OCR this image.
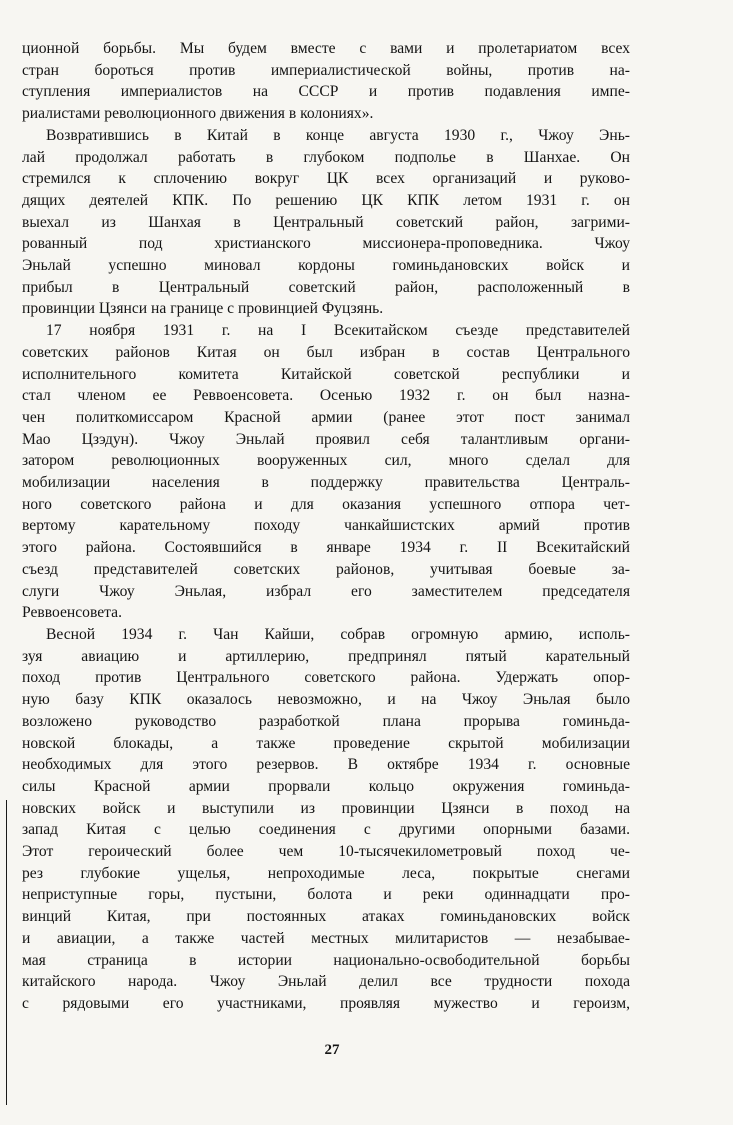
ционной борьбы. Мы будем вместе с вами и пролетариатом всех
стран бороться против империалистической войны, против на-
ступления империалистов на СССР и против подавления импе-
риалистами революционного движения в колониях».
Возвратившись в Китай в конце августа 1930 г., Чжоу Энь-
лай продолжал работать в глубоком подполье в Шанхае. Он
стремился к сплочению вокруг ЦК всех организаций и руково-
дящих деятелей КПК. По решению ЦК КПК летом 1931 г. он
выехал из Шанхая в Центральный советский район, загрими-
рованный под христианского миссионера-проповедника. Чжоу
Эньлай успешно миновал кордоны гоминьдановских войск и
прибыл в Центральный советский район, расположенный в
провинции Цзянси на границе с провинцией Фуцзянь.
17 ноября 1931 г. на I Всекитайском съезде представителей
советских районов Китая он был избран в состав Центрального
исполнительного комитета Китайской советской республики и
стал членом ее Реввоенсовета. Осенью 1932 г. он был назна-
чен политкомиссаром Красной армии (ранее этот пост занимал
Мао Цзэдун). Чжоу Эньлай проявил себя талантливым органи-
затором революционных вооруженных сил, много сделал для
мобилизации населения в поддержку правительства Централь-
ного советского района и для оказания успешного отпора чет-
вертому карательному походу чанкайшистских армий против
этого района. Состоявшийся в январе 1934 г. II Всекитайский
съезд представителей советских районов, учитывая боевые за-
слуги Чжоу Эньлая, избрал его заместителем председателя
Реввоенсовета.
Весной 1934 г. Чан Кайши, собрав огромную армию, исполь-
зуя авиацию и артиллерию, предпринял пятый карательный
поход против Центрального советского района. Удержать опор-
ную базу КПК оказалось невозможно, и на Чжоу Эньлая было
возложено руководство разработкой плана прорыва гоминьда-
новской блокады, а также проведение скрытой мобилизации
необходимых для этого резервов. В октябре 1934 г. основные
силы Красной армии прорвали кольцо окружения гоминьда-
новских войск и выступили из провинции Цзянси в поход на
запад Китая с целью соединения с другими опорными базами.
Этот героический более чем 10-тысячекилометровый поход че-
рез глубокие ущелья, непроходимые леса, покрытые снегами
неприступные горы, пустыни, болота и реки одиннадцати про-
винций Китая, при постоянных атаках гоминьдановских войск
и авиации, а также частей местных милитаристов — незабывае-
мая страница в истории национально-освободительной борьбы
китайского народа. Чжоу Эньлай делил все трудности похода
с рядовыми его участниками, проявляя мужество и героизм,
27
